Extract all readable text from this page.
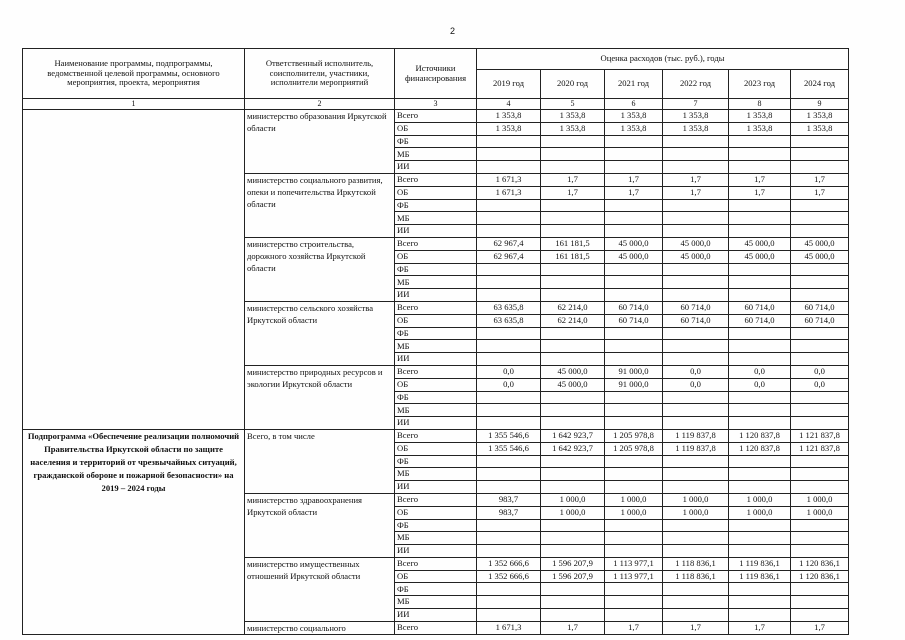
2
Наименование программы, подпрограммы, ведомственной целевой программы, основного мероприятия, проекта, мероприятия	Ответственный исполнитель, соисполнители, участники, исполнители мероприятий	Источники финансирования	Оценка расходов (тыс. руб.), годы					
			2019 год	2020 год	2021 год	2022 год	2023 год	2024 год
1	2	3	4	5	6	7	8	9
	министерство образования Иркутской области	Всего	1 353,8	1 353,8	1 353,8	1 353,8	1 353,8	1 353,8
		ОБ	1 353,8	1 353,8	1 353,8	1 353,8	1 353,8	1 353,8
		ФБ						
		МБ						
		ИИ						
	министерство социального развития, опеки и попечительства Иркутской области	Всего	1 671,3	1,7	1,7	1,7	1,7	1,7
		ОБ	1 671,3	1,7	1,7	1,7	1,7	1,7
		ФБ						
		МБ						
		ИИ						
	министерство строительства, дорожного хозяйства Иркутской области	Всего	62 967,4	161 181,5	45 000,0	45 000,0	45 000,0	45 000,0
		ОБ	62 967,4	161 181,5	45 000,0	45 000,0	45 000,0	45 000,0
		ФБ						
		МБ						
		ИИ						
	министерство сельского хозяйства Иркутской области	Всего	63 635,8	62 214,0	60 714,0	60 714,0	60 714,0	60 714,0
		ОБ	63 635,8	62 214,0	60 714,0	60 714,0	60 714,0	60 714,0
		ФБ						
		МБ						
		ИИ						
	министерство природных ресурсов и экологии Иркутской области	Всего	0,0	45 000,0	91 000,0	0,0	0,0	0,0
		ОБ	0,0	45 000,0	91 000,0	0,0	0,0	0,0
		ФБ						
		МБ						
		ИИ						
Подпрограмма «Обеспечение реализации полномочий Правительства Иркутской области по защите населения и территорий от чрезвычайных ситуаций, гражданской обороне и пожарной безопасности» на 2019 – 2024 годы	Всего, в том числе	Всего	1 355 546,6	1 642 923,7	1 205 978,8	1 119 837,8	1 120 837,8	1 121 837,8
		ОБ	1 355 546,6	1 642 923,7	1 205 978,8	1 119 837,8	1 120 837,8	1 121 837,8
		ФБ						
		МБ						
		ИИ						
	министерство здравоохранения Иркутской области	Всего	983,7	1 000,0	1 000,0	1 000,0	1 000,0	1 000,0
		ОБ	983,7	1 000,0	1 000,0	1 000,0	1 000,0	1 000,0
		ФБ						
		МБ						
		ИИ						
	министерство имущественных отношений Иркутской области	Всего	1 352 666,6	1 596 207,9	1 113 977,1	1 118 836,1	1 119 836,1	1 120 836,1
		ОБ	1 352 666,6	1 596 207,9	1 113 977,1	1 118 836,1	1 119 836,1	1 120 836,1
		ФБ						
		МБ						
		ИИ						
	министерство социального	Всего	1 671,3	1,7	1,7	1,7	1,7	1,7
